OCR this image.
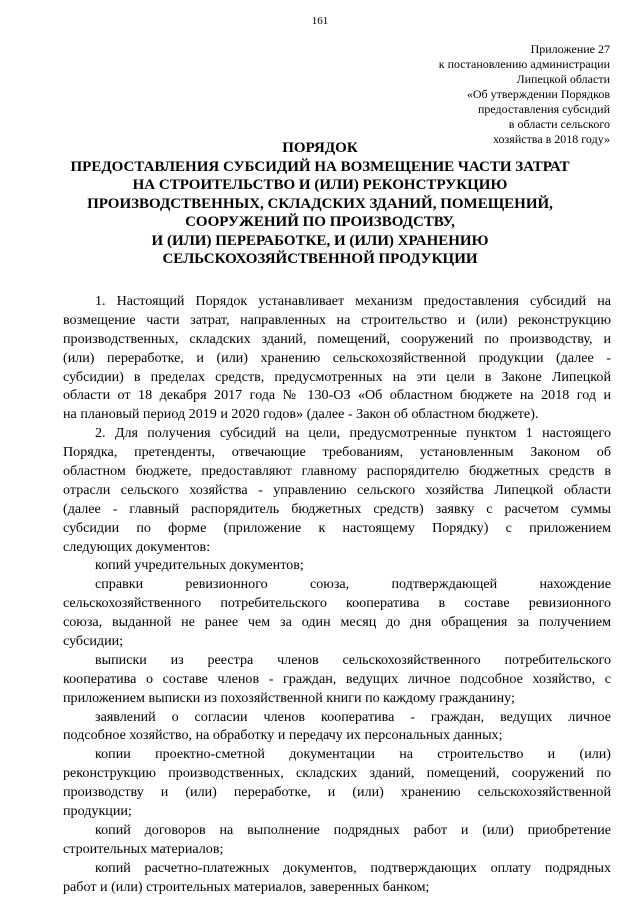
161
Приложение 27
к постановлению администрации
Липецкой области
«Об утверждении Порядков
предоставления субсидий
в области сельского
хозяйства в 2018 году»
ПОРЯДОК
ПРЕДОСТАВЛЕНИЯ СУБСИДИЙ НА ВОЗМЕЩЕНИЕ ЧАСТИ ЗАТРАТ
НА СТРОИТЕЛЬСТВО И (ИЛИ) РЕКОНСТРУКЦИЮ
ПРОИЗВОДСТВЕННЫХ, СКЛАДСКИХ ЗДАНИЙ, ПОМЕЩЕНИЙ,
СООРУЖЕНИЙ ПО ПРОИЗВОДСТВУ,
И (ИЛИ) ПЕРЕРАБОТКЕ, И (ИЛИ) ХРАНЕНИЮ
СЕЛЬСКОХОЗЯЙСТВЕННОЙ ПРОДУКЦИИ
1. Настоящий Порядок устанавливает механизм предоставления субсидий на
возмещение части затрат, направленных на строительство и (или) реконструкцию
производственных, складских зданий, помещений, сооружений по производству, и
(или) переработке, и (или) хранению сельскохозяйственной продукции (далее -
субсидии) в пределах средств, предусмотренных на эти цели в Законе Липецкой
области от 18 декабря 2017 года № 130-ОЗ «Об областном бюджете на 2018 год и
на плановый период 2019 и 2020 годов» (далее - Закон об областном бюджете).
2. Для получения субсидий на цели, предусмотренные пунктом 1 настоящего
Порядка, претенденты, отвечающие требованиям, установленным Законом об
областном бюджете, предоставляют главному распорядителю бюджетных средств в
отрасли сельского хозяйства - управлению сельского хозяйства Липецкой области
(далее - главный распорядитель бюджетных средств) заявку с расчетом суммы
субсидии по форме (приложение к настоящему Порядку) с приложением
следующих документов:
копий учредительных документов;
справки ревизионного союза, подтверждающей нахождение
сельскохозяйственного потребительского кооператива в составе ревизионного
союза, выданной не ранее чем за один месяц до дня обращения за получением
субсидии;
выписки из реестра членов сельскохозяйственного потребительского
кооператива о составе членов - граждан, ведущих личное подсобное хозяйство, с
приложением выписки из похозяйственной книги по каждому гражданину;
заявлений о согласии членов кооператива - граждан, ведущих личное
подсобное хозяйство, на обработку и передачу их персональных данных;
копии проектно-сметной документации на строительство и (или)
реконструкцию производственных, складских зданий, помещений, сооружений по
производству и (или) переработке, и (или) хранению сельскохозяйственной
продукции;
копий договоров на выполнение подрядных работ и (или) приобретение
строительных материалов;
копий расчетно-платежных документов, подтверждающих оплату подрядных
работ и (или) строительных материалов, заверенных банком;
